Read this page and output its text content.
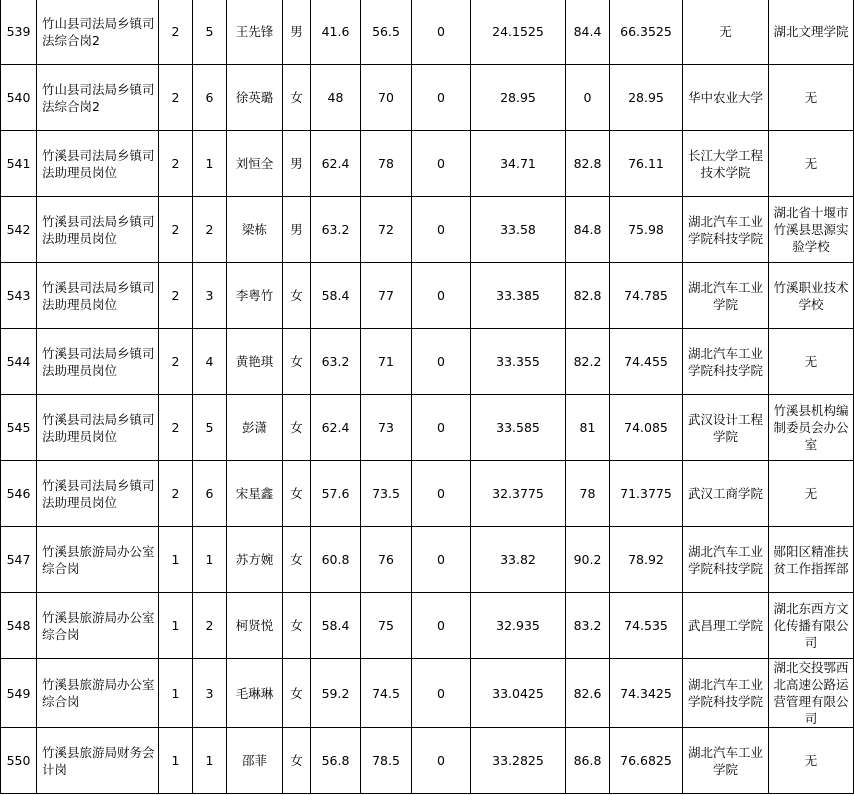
539	竹山县司法局乡镇司法综合岗2	2	5	王先锋	男	41.6	56.5	0	24.1525	84.4	66.3525	无	湖北文理学院
540	竹山县司法局乡镇司法综合岗2	2	6	徐英璐	女	48	70	0	28.95	0	28.95	华中农业大学	无
541	竹溪县司法局乡镇司法助理员岗位	2	1	刘恒全	男	62.4	78	0	34.71	82.8	76.11	长江大学工程技术学院	无
542	竹溪县司法局乡镇司法助理员岗位	2	2	梁栋	男	63.2	72	0	33.58	84.8	75.98	湖北汽车工业学院科技学院	湖北省十堰市竹溪县思源实验学校
543	竹溪县司法局乡镇司法助理员岗位	2	3	李粤竹	女	58.4	77	0	33.385	82.8	74.785	湖北汽车工业学院	竹溪职业技术学校
544	竹溪县司法局乡镇司法助理员岗位	2	4	黄艳琪	女	63.2	71	0	33.355	82.2	74.455	湖北汽车工业学院科技学院	无
545	竹溪县司法局乡镇司法助理员岗位	2	5	彭潇	女	62.4	73	0	33.585	81	74.085	武汉设计工程学院	竹溪县机构编制委员会办公室
546	竹溪县司法局乡镇司法助理员岗位	2	6	宋星鑫	女	57.6	73.5	0	32.3775	78	71.3775	武汉工商学院	无
547	竹溪县旅游局办公室综合岗	1	1	苏方婉	女	60.8	76	0	33.82	90.2	78.92	湖北汽车工业学院科技学院	郧阳区精准扶贫工作指挥部
548	竹溪县旅游局办公室综合岗	1	2	柯贤悦	女	58.4	75	0	32.935	83.2	74.535	武昌理工学院	湖北东西方文化传播有限公司
549	竹溪县旅游局办公室综合岗	1	3	毛琳琳	女	59.2	74.5	0	33.0425	82.6	74.3425	湖北汽车工业学院科技学院	湖北交投鄂西北高速公路运营管理有限公司
550	竹溪县旅游局财务会计岗	1	1	邵菲	女	56.8	78.5	0	33.2825	86.8	76.6825	湖北汽车工业学院	无
